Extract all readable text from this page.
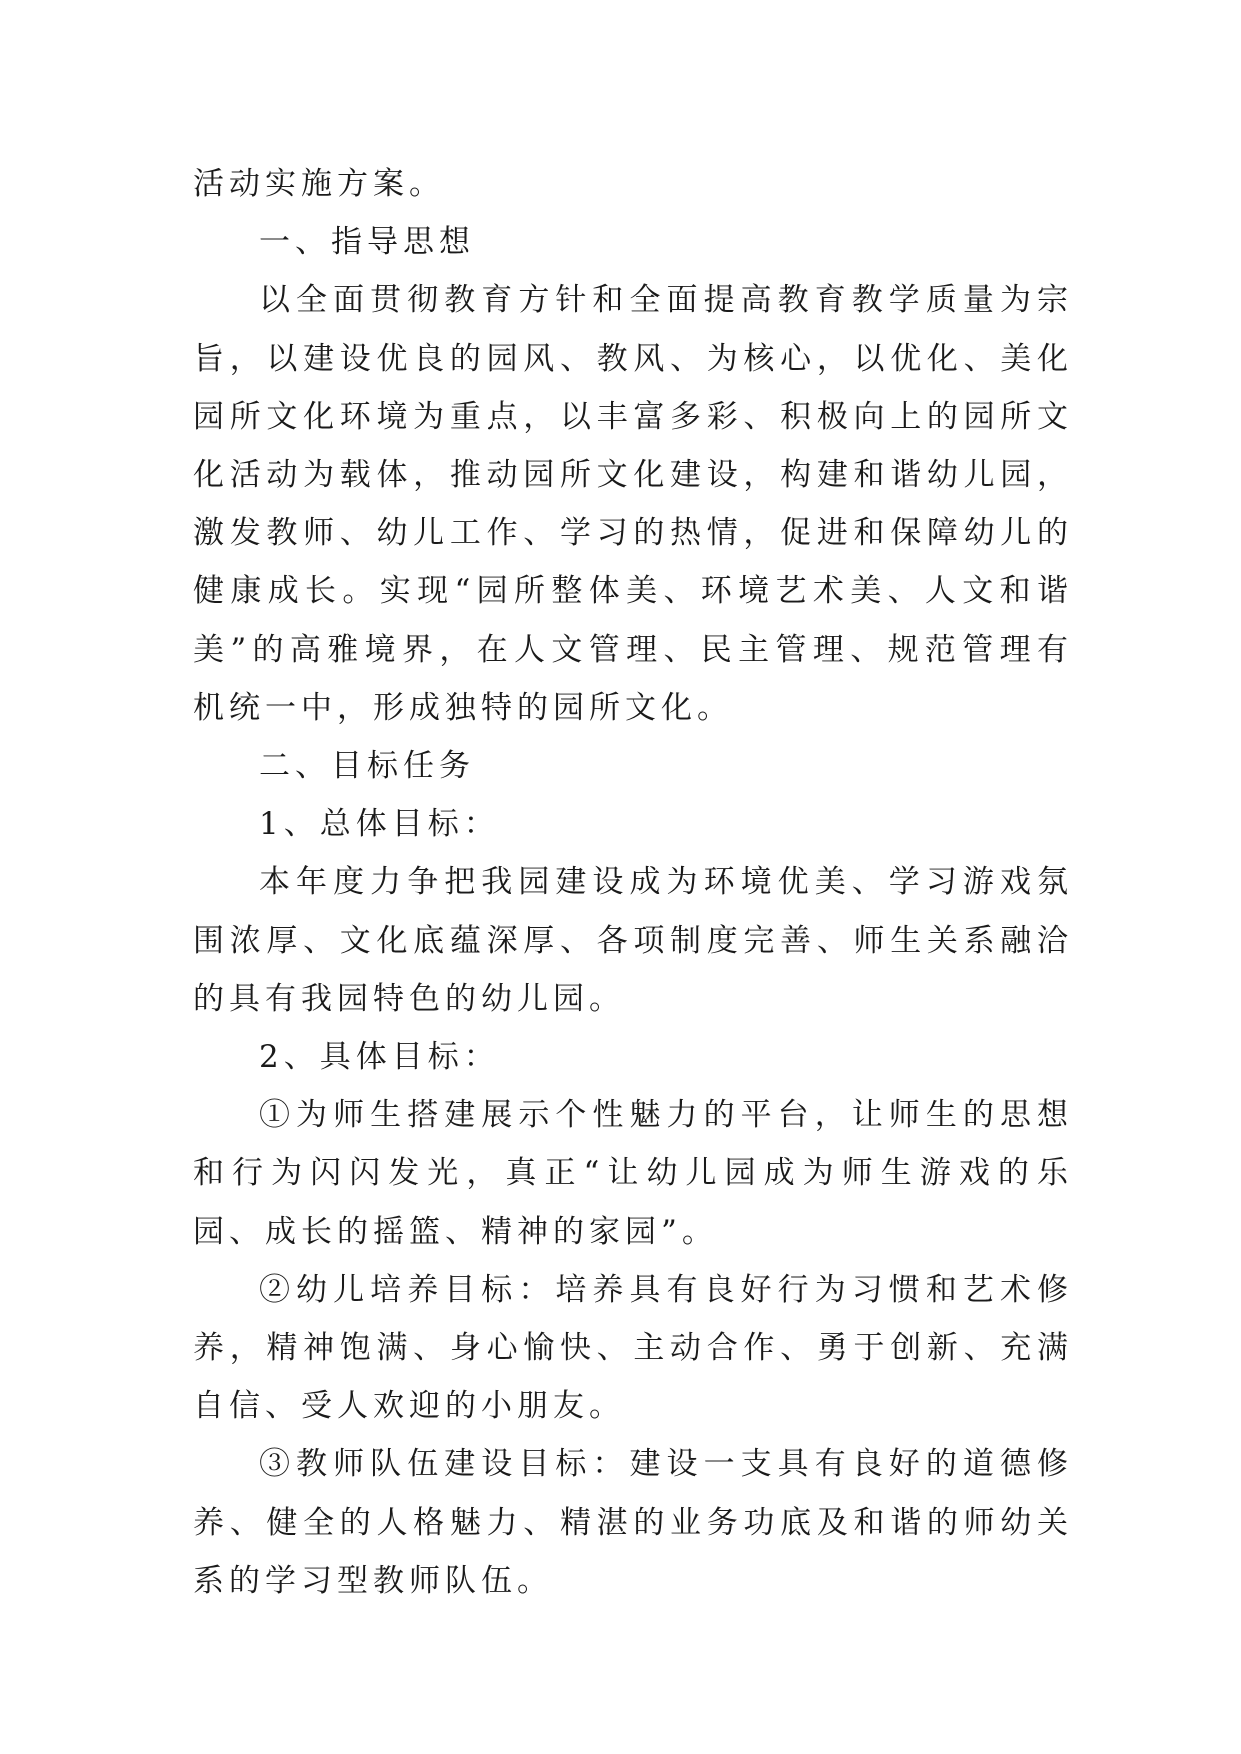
活动实施方案。

一、指导思想

以全面贯彻教育方针和全面提高教育教学质量为宗旨，以建设优良的园风、教风、为核心，以优化、美化园所文化环境为重点，以丰富多彩、积极向上的园所文化活动为载体，推动园所文化建设，构建和谐幼儿园，激发教师、幼儿工作、学习的热情，促进和保障幼儿的健康成长。实现“园所整体美、环境艺术美、人文和谐美”的高雅境界，在人文管理、民主管理、规范管理有机统一中，形成独特的园所文化。

二、目标任务

1、总体目标：

本年度力争把我园建设成为环境优美、学习游戏氛围浓厚、文化底蕴深厚、各项制度完善、师生关系融洽的具有我园特色的幼儿园。

2、具体目标：

①为师生搭建展示个性魅力的平台，让师生的思想和行为闪闪发光，真正“让幼儿园成为师生游戏的乐园、成长的摇篮、精神的家园”。

②幼儿培养目标：培养具有良好行为习惯和艺术修养，精神饱满、身心愉快、主动合作、勇于创新、充满自信、受人欢迎的小朋友。

③教师队伍建设目标：建设一支具有良好的道德修养、健全的人格魅力、精湛的业务功底及和谐的师幼关系的学习型教师队伍。
